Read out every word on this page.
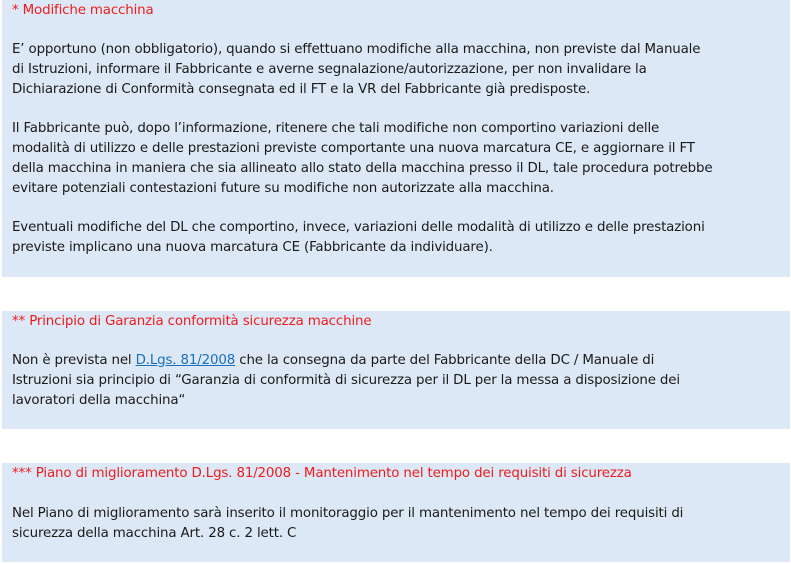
* Modifiche macchina
E’ opportuno (non obbligatorio), quando si effettuano modifiche alla macchina, non previste dal Manuale
di Istruzioni, informare il Fabbricante e averne segnalazione/autorizzazione, per non invalidare la
Dichiarazione di Conformità consegnata ed il FT e la VR del Fabbricante già predisposte.
Il Fabbricante può, dopo l’informazione, ritenere che tali modifiche non comportino variazioni delle
modalità di utilizzo e delle prestazioni previste comportante una nuova marcatura CE, e aggiornare il FT
della macchina in maniera che sia allineato allo stato della macchina presso il DL, tale procedura potrebbe
evitare potenziali contestazioni future su modifiche non autorizzate alla macchina.
Eventuali modifiche del DL che comportino, invece, variazioni delle modalità di utilizzo e delle prestazioni
previste implicano una nuova marcatura CE (Fabbricante da individuare).
** Principio di Garanzia conformità sicurezza macchine
Non è prevista nel D.Lgs. 81/2008 che la consegna da parte del Fabbricante della DC / Manuale di
Istruzioni sia principio di “Garanzia di conformità di sicurezza per il DL per la messa a disposizione dei
lavoratori della macchina“
*** Piano di miglioramento D.Lgs. 81/2008 - Mantenimento nel tempo dei requisiti di sicurezza
Nel Piano di miglioramento sarà inserito il monitoraggio per il mantenimento nel tempo dei requisiti di
sicurezza della macchina Art. 28 c. 2 lett. C
